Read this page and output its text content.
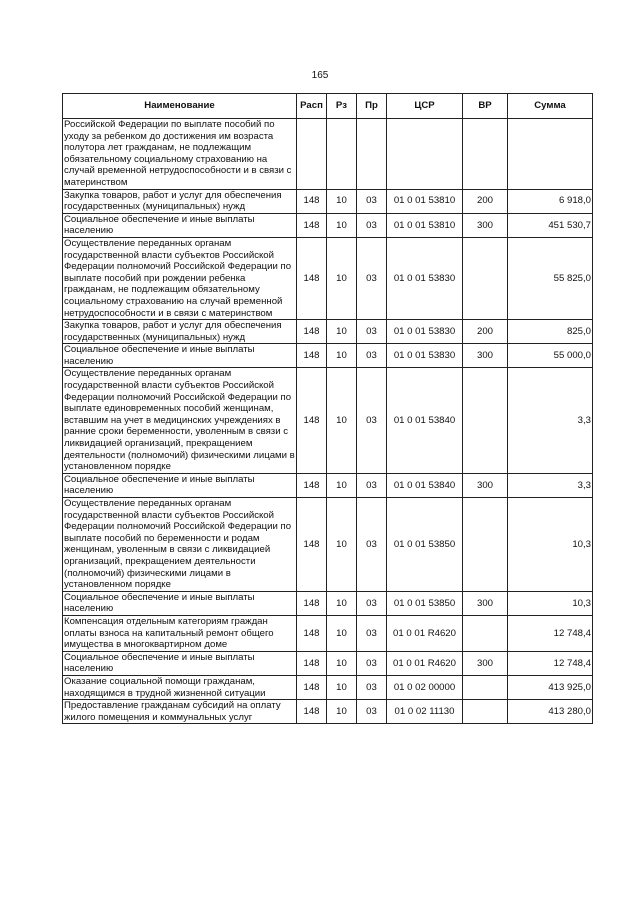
165
Наименование	Расп	Рз	Пр	ЦСР	ВР	Сумма
Российской Федерации по выплате пособий по уходу за ребенком до достижения им возраста полутора лет гражданам, не подлежащим обязательному социальному страхованию на случай временной нетрудоспособности и в связи с материнством						
Закупка товаров, работ и услуг для обеспечения государственных (муниципальных) нужд	148	10	03	01 0 01 53810	200	6 918,0
Социальное обеспечение и иные выплаты населению	148	10	03	01 0 01 53810	300	451 530,7
Осуществление переданных органам государственной власти субъектов Российской Федерации полномочий Российской Федерации по выплате пособий при рождении ребенка гражданам, не подлежащим обязательному социальному страхованию на случай временной нетрудоспособности и в связи с материнством	148	10	03	01 0 01 53830		55 825,0
Закупка товаров, работ и услуг для обеспечения государственных (муниципальных) нужд	148	10	03	01 0 01 53830	200	825,0
Социальное обеспечение и иные выплаты населению	148	10	03	01 0 01 53830	300	55 000,0
Осуществление переданных органам государственной власти субъектов Российской Федерации полномочий Российской Федерации по выплате единовременных пособий женщинам, вставшим на учет в медицинских учреждениях в ранние сроки беременности, уволенным в связи с ликвидацией организаций, прекращением деятельности (полномочий) физическими лицами в установленном порядке	148	10	03	01 0 01 53840		3,3
Социальное обеспечение и иные выплаты населению	148	10	03	01 0 01 53840	300	3,3
Осуществление переданных органам государственной власти субъектов Российской Федерации полномочий Российской Федерации по выплате пособий по беременности и родам женщинам, уволенным в связи с ликвидацией организаций, прекращением деятельности (полномочий) физическими лицами в установленном порядке	148	10	03	01 0 01 53850		10,3
Социальное обеспечение и иные выплаты населению	148	10	03	01 0 01 53850	300	10,3
Компенсация отдельным категориям граждан оплаты взноса на капитальный ремонт общего имущества в многоквартирном доме	148	10	03	01 0 01 R4620		12 748,4
Социальное обеспечение и иные выплаты населению	148	10	03	01 0 01 R4620	300	12 748,4
Оказание социальной помощи гражданам, находящимся в трудной жизненной ситуации	148	10	03	01 0 02 00000		413 925,0
Предоставление гражданам субсидий на оплату жилого помещения и коммунальных услуг	148	10	03	01 0 02 11130		413 280,0
